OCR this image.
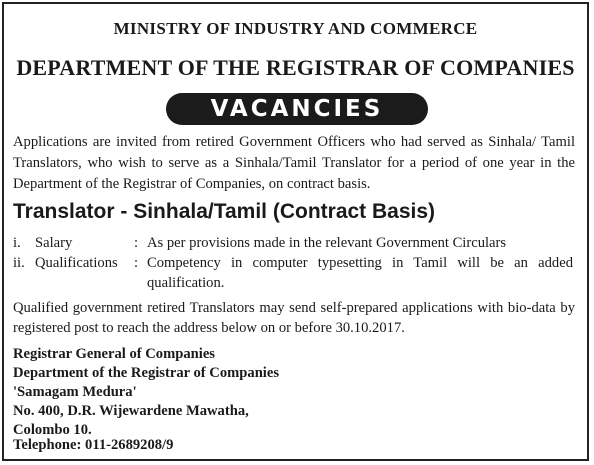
MINISTRY OF INDUSTRY AND COMMERCE
DEPARTMENT OF THE REGISTRAR OF COMPANIES
VACANCIES

Applications are invited from retired Government Officers who had served as Sinhala/ Tamil Translators, who wish to serve as a Sinhala/Tamil Translator for a period of one year in the Department of the Registrar of Companies, on contract basis.

Translator - Sinhala/Tamil (Contract Basis)
i. Salary	: As per provisions made in the relevant Government Circulars
ii. Qualifications : Competency in computer typesetting in Tamil will be an added qualification.

Qualified government retired Translators may send self-prepared applications with bio-data by registered post to reach the address below on or before 30.10.2017.

Registrar General of Companies
Department of the Registrar of Companies
'Samagam Medura'
No. 400, D.R. Wijewardene Mawatha,
Colombo 10.
Telephone: 011-2689208/9
